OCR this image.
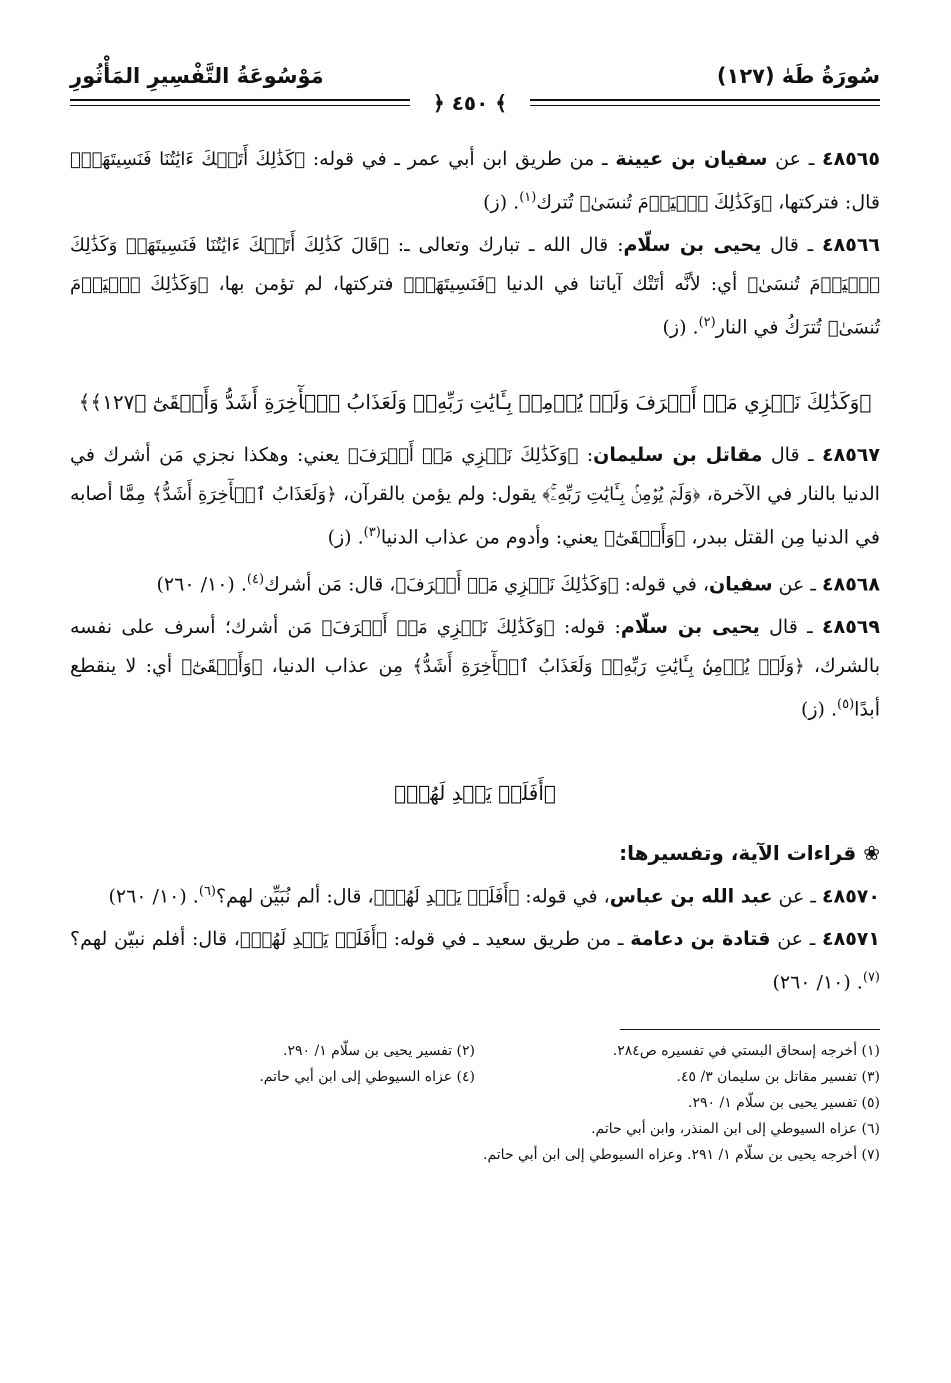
سُورَةُ طَهٰ (١٢٧)
مَوْسُوعَةُ التَّفْسِيرِ المَأْثُورِ
﴾ ٤٥٠ ﴿

٤٨٥٦٥ ـ عن سفيان بن عيينة ـ من طريق ابن أبي عمر ـ في قوله: ﴿كَذَٰلِكَ أَتَتۡكَ ءَايَٰتُنَا فَنَسِيتَهَاۖ﴾ قال: فتركتها، ﴿وَكَذَٰلِكَ ٱلۡيَوۡمَ تُنسَىٰ﴾ تُترك$^{(١)}$. (ز)

٤٨٥٦٦ ـ قال يحيى بن سلّام: قال الله ـ تبارك وتعالى ـ: ﴿قَالَ كَذَٰلِكَ أَتَتۡكَ ءَايَٰتُنَا فَنَسِيتَهَاۖ وَكَذَٰلِكَ ٱلۡيَوۡمَ تُنسَىٰ﴾ أي: لأنَّه أتَتْك آياتنا في الدنيا ﴿فَنَسِيتَهَاۖ﴾ فتركتها، لم تؤمن بها، ﴿وَكَذَٰلِكَ ٱلۡيَوۡمَ تُنسَىٰ﴾ تُترَكُ في النار$^{(٢)}$. (ز)

﴿وَكَذَٰلِكَ نَجۡزِي مَنۡ أَسۡرَفَ وَلَمۡ يُؤۡمِنۢ بِـَٔايَٰتِ رَبِّهِۦۚ وَلَعَذَابُ ٱلۡأٓخِرَةِ أَشَدُّ وَأَبۡقَىٰٓ ﴿١٢٧﴾﴾

٤٨٥٦٧ ـ قال مقاتل بن سليمان: ﴿وَكَذَٰلِكَ نَجۡزِي مَنۡ أَسۡرَفَ﴾ يعني: وهكذا نجزي مَن أشرك في الدنيا بالنار في الآخرة، ﴿وَلَمۡ يُؤۡمِنۢ بِـَٔايَٰتِ رَبِّهِۦۚ﴾ يقول: ولم يؤمن بالقرآن، ﴿وَلَعَذَابُ ٱلۡأٓخِرَةِ أَشَدُّ﴾ مِمَّا أصابه في الدنيا مِن القتل ببدر، ﴿وَأَبۡقَىٰٓ﴾ يعني: وأدوم من عذاب الدنيا$^{(٣)}$. (ز)

٤٨٥٦٨ ـ عن سفيان، في قوله: ﴿وَكَذَٰلِكَ نَجۡزِي مَنۡ أَسۡرَفَ﴾، قال: مَن أشرك$^{(٤)}$. (١٠/ ٢٦٠)

٤٨٥٦٩ ـ قال يحيى بن سلّام: قوله: ﴿وَكَذَٰلِكَ نَجۡزِي مَنۡ أَسۡرَفَ﴾ مَن أشرك؛ أسرف على نفسه بالشرك، ﴿وَلَمۡ يُؤۡمِنۢ بِـَٔايَٰتِ رَبِّهِۦۚ وَلَعَذَابُ ٱلۡأٓخِرَةِ أَشَدُّ﴾ مِن عذاب الدنيا، ﴿وَأَبۡقَىٰٓ﴾ أي: لا ينقطع أبدًا$^{(٥)}$. (ز)

﴿أَفَلَمۡ يَهۡدِ لَهُمۡ﴾

❀ قراءات الآية، وتفسيرها:

٤٨٥٧٠ ـ عن عبد الله بن عباس، في قوله: ﴿أَفَلَمۡ يَهۡدِ لَهُمۡ﴾، قال: ألم نُبَيِّن لهم؟$^{(٦)}$. (١٠/ ٢٦٠)

٤٨٥٧١ ـ عن قتادة بن دعامة ـ من طريق سعيد ـ في قوله: ﴿أَفَلَمۡ يَهۡدِ لَهُمۡ﴾، قال: أفلم نبيّن لهم؟$^{(٧)}$. (١٠/ ٢٦٠)

(١) أخرجه إسحاق البستي في تفسيره ص٢٨٤.
(٢) تفسير يحيى بن سلّام ١/ ٢٩٠.
(٣) تفسير مقاتل بن سليمان ٣/ ٤٥.
(٤) عزاه السيوطي إلى ابن أبي حاتم.
(٥) تفسير يحيى بن سلّام ١/ ٢٩٠.
(٦) عزاه السيوطي إلى ابن المنذر، وابن أبي حاتم.
(٧) أخرجه يحيى بن سلّام ١/ ٢٩١. وعزاه السيوطي إلى ابن أبي حاتم.
